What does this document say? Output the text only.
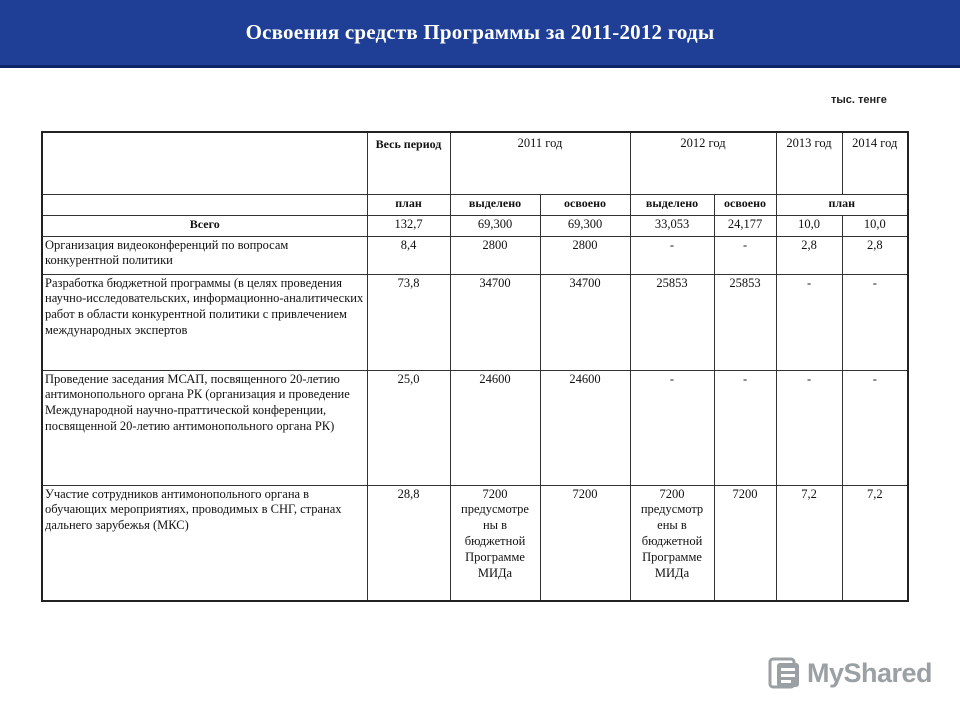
Освоения средств Программы за 2011-2012 годы
тыс. тенге
	Весь период	2011 год		2012 год		2013 год	2014 год
	план	выделено	освоено	выделено	освоено	план	
Всего	132,7	69,300	69,300	33,053	24,177	10,0	10,0
Организация видеоконференций по вопросам конкурентной политики	8,4	2800	2800	-	-	2,8	2,8
Разработка бюджетной программы (в целях проведения научно-исследовательских, информационно-аналитических работ в области конкурентной политики с привлечением международных экспертов	73,8	34700	34700	25853	25853	-	-
Проведение заседания МСАП, посвященного 20-летию антимонопольного органа РК (организация и проведение Международной научно-праттической конференции, посвященной 20-летию антимонопольного органа РК)	25,0	24600	24600	-	-	-	-
Участие сотрудников антимонопольного органа в обучающих мероприятиях, проводимых в СНГ, странах дальнего зарубежья (МКС)	28,8	7200 предусмотре ны в бюджетной Программе МИДа	7200	7200 предусмотр ены в бюджетной Программе МИДа	7200	7,2	7,2
MyShared
